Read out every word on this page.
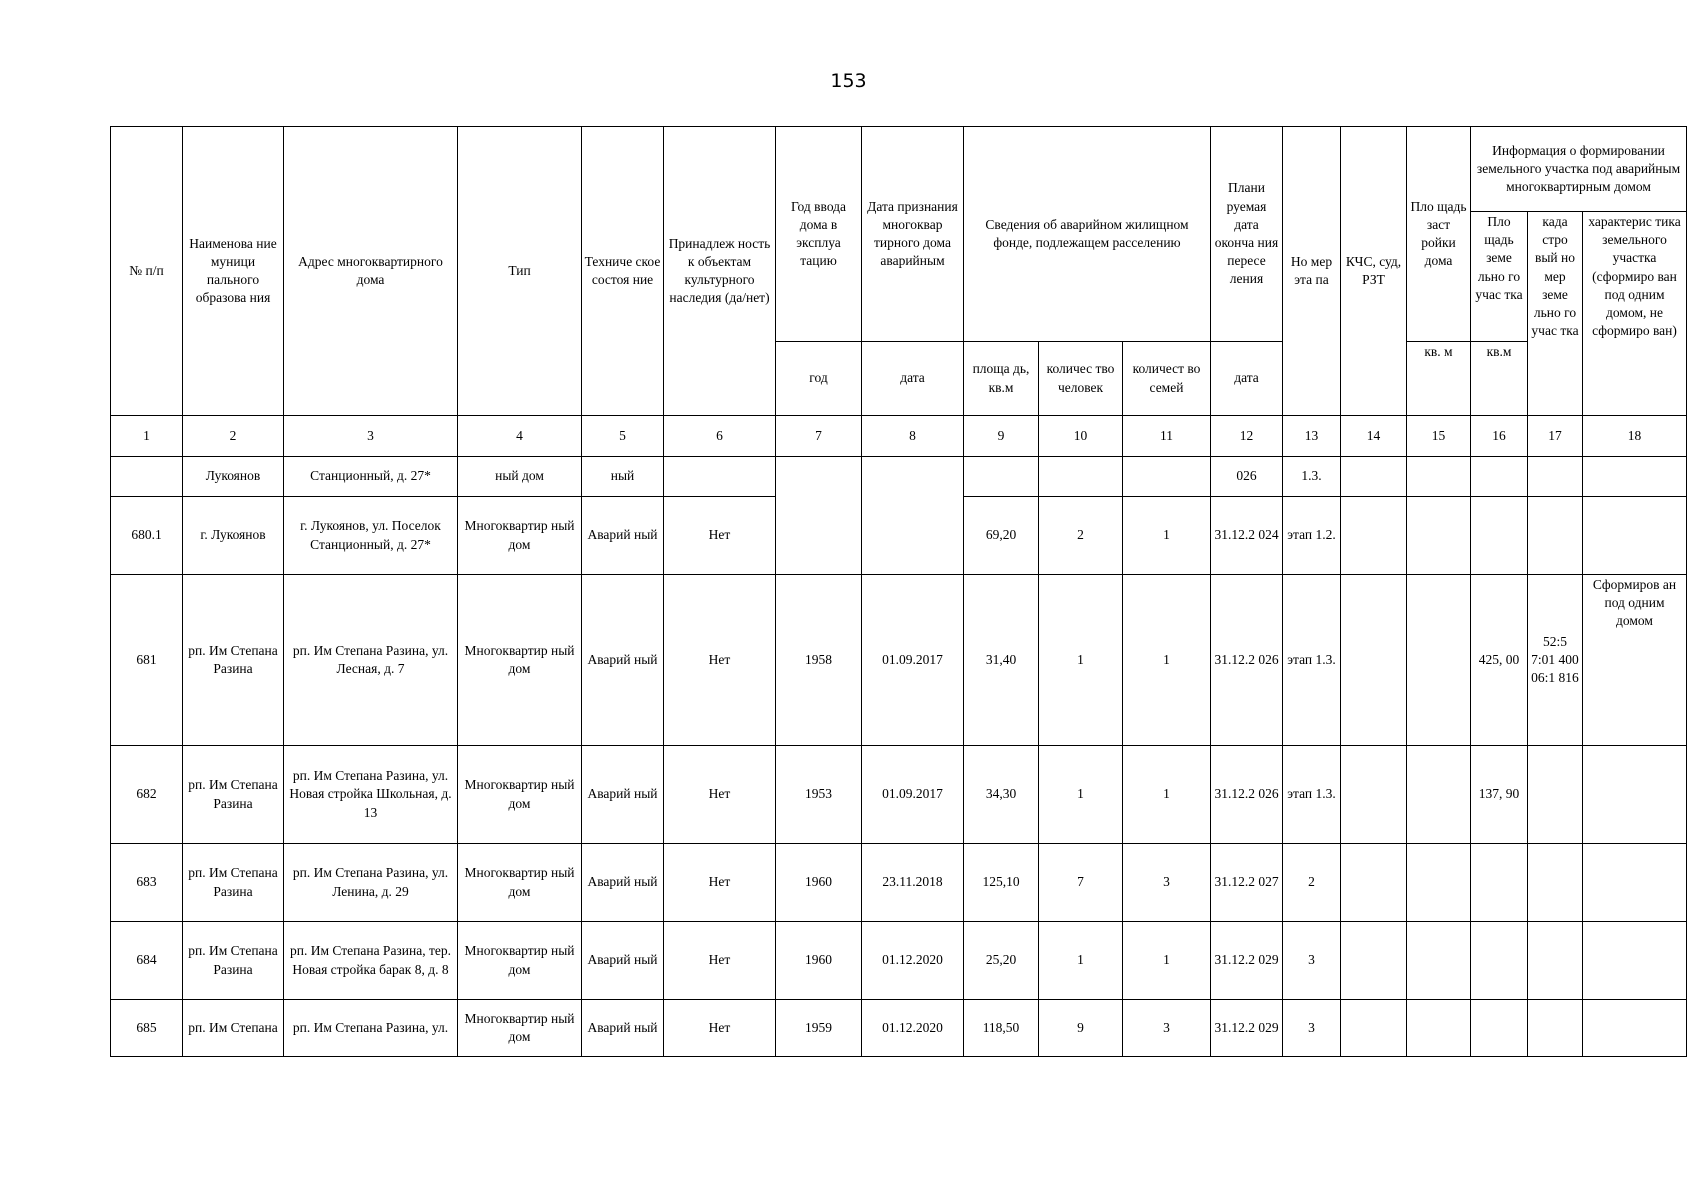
153
№ п/п	Наименова ние муници пального образова ния	Адрес многоквартирного дома	Тип	Техниче ское состоя ние	Принадлеж ность к объектам культурного наследия (да/нет)	Год ввода дома в эксплуа тацию	Дата признания многоквар тирного дома аварийным	Сведения об аварийном жилищном фонде, подлежащем расселению			Плани руемая дата оконча ния пересе ления	Но мер эта па	КЧС, суд, РЗТ	Пло щадь заст ройки дома	Информация о формировании земельного участка под аварийным многоквартирным домом		
															Пло щадь земе льно го учас тка	када стро вый но мер земе льно го учас тка	характерис тика земельного участка (сформиро ван под одним домом, не сформиро ван)
						год	дата	площа дь, кв.м	количес тво человек	количест во семей	дата			кв. м	кв.м		
1	2	3	4	5	6	7	8	9	10	11	12	13	14	15	16	17	18
	Лукоянов	Станционный, д. 27*	ный дом	ный							026	1.3.					
680.1	г. Лукоянов	г. Лукоянов, ул. Поселок Станционный, д. 27*	Многоквартир ный дом	Аварий ный	Нет			69,20	2	1	31.12.2 024	этап 1.2.					
681	рп. Им Степана Разина	рп. Им Степана Разина, ул. Лесная, д. 7	Многоквартир ный дом	Аварий ный	Нет	1958	01.09.2017	31,40	1	1	31.12.2 026	этап 1.3.			425, 00	52:5 7:01 400 06:1 816	Сформиров ан под одним домом
682	рп. Им Степана Разина	рп. Им Степана Разина, ул. Новая стройка Школьная, д. 13	Многоквартир ный дом	Аварий ный	Нет	1953	01.09.2017	34,30	1	1	31.12.2 026	этап 1.3.			137, 90		
683	рп. Им Степана Разина	рп. Им Степана Разина, ул. Ленина, д. 29	Многоквартир ный дом	Аварий ный	Нет	1960	23.11.2018	125,10	7	3	31.12.2 027	2					
684	рп. Им Степана Разина	рп. Им Степана Разина, тер. Новая стройка барак 8, д. 8	Многоквартир ный дом	Аварий ный	Нет	1960	01.12.2020	25,20	1	1	31.12.2 029	3					
685	рп. Им Степана	рп. Им Степана Разина, ул.	Многоквартир ный дом	Аварий ный	Нет	1959	01.12.2020	118,50	9	3	31.12.2 029	3					
